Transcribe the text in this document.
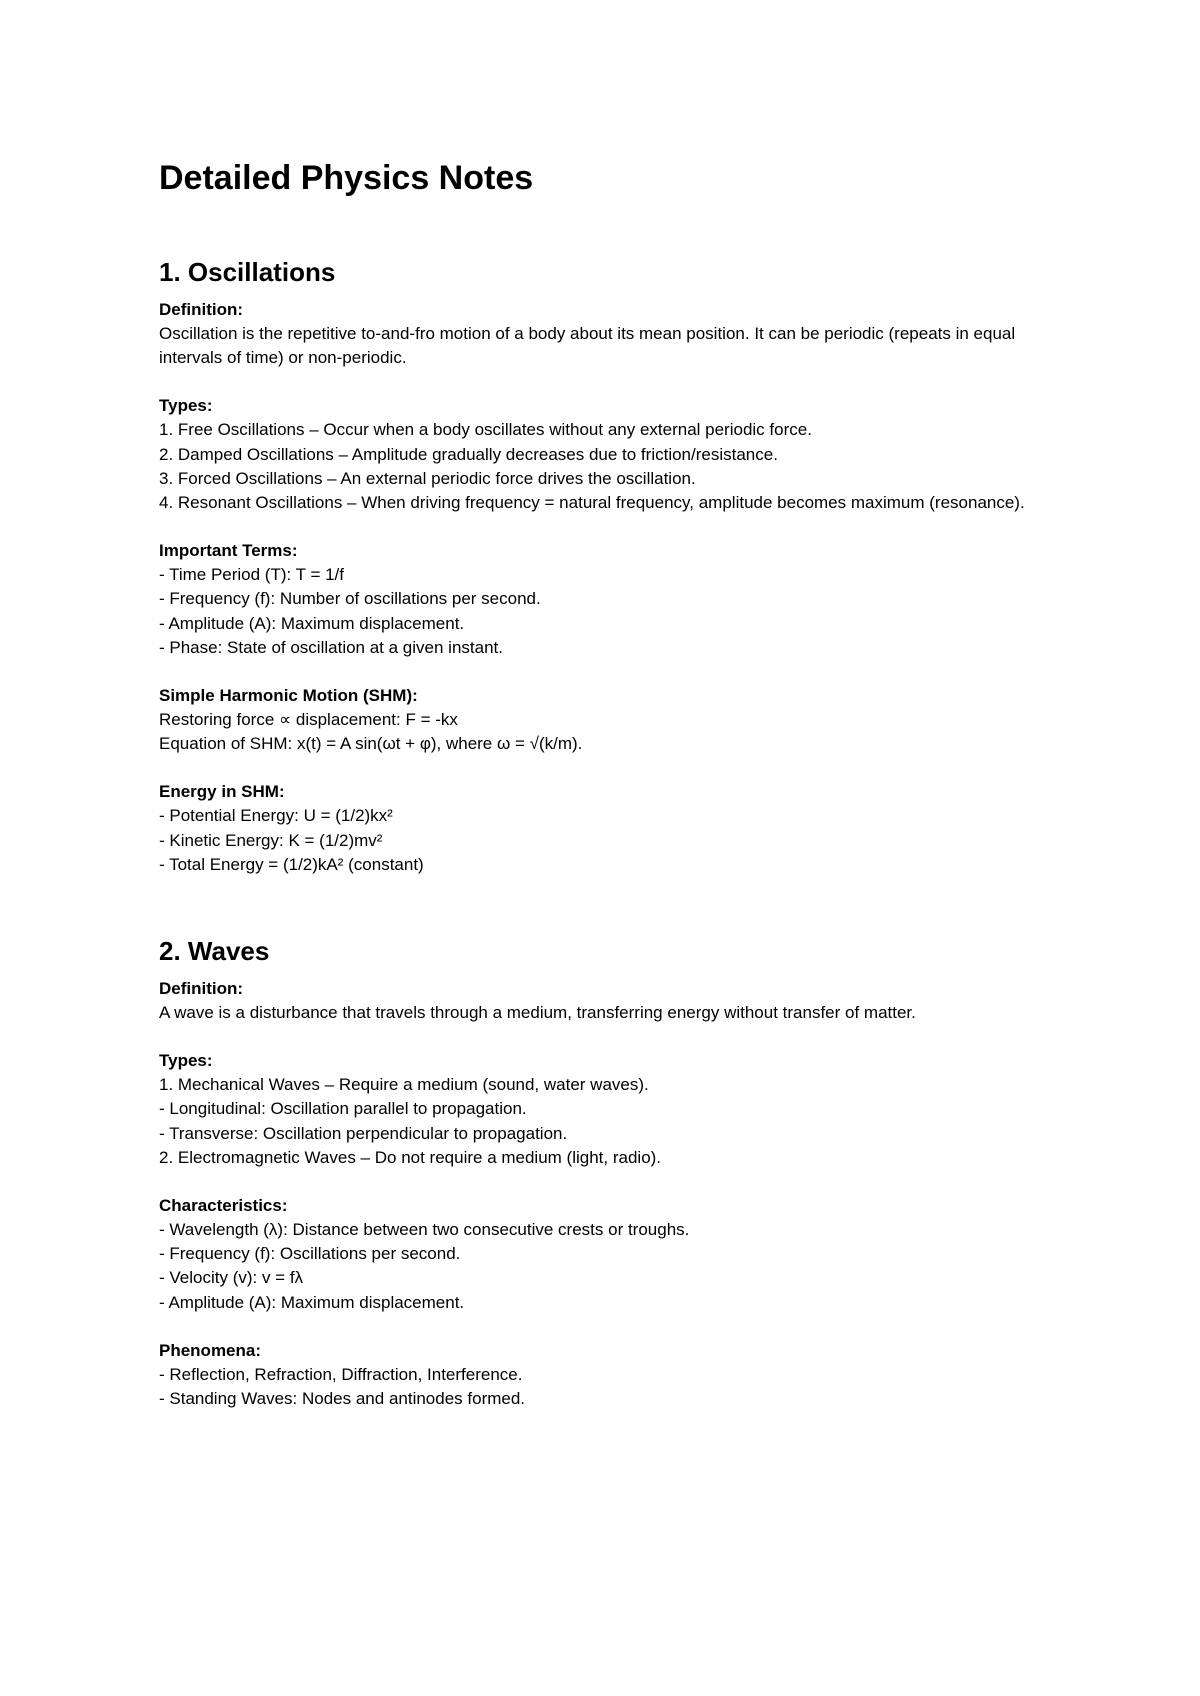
Detailed Physics Notes
1. Oscillations

Definition:

Oscillation is the repetitive to-and-fro motion of a body about its mean position. It can be periodic (repeats in equal intervals of time) or non-periodic.

Types:

1. Free Oscillations – Occur when a body oscillates without any external periodic force.
2. Damped Oscillations – Amplitude gradually decreases due to friction/resistance.
3. Forced Oscillations – An external periodic force drives the oscillation.
4. Resonant Oscillations – When driving frequency = natural frequency, amplitude becomes maximum (resonance).

Important Terms:

- Time Period (T): T = 1/f
- Frequency (f): Number of oscillations per second.
- Amplitude (A): Maximum displacement.
- Phase: State of oscillation at a given instant.

Simple Harmonic Motion (SHM):

Restoring force ∝ displacement: F = -kx
Equation of SHM: x(t) = A sin(ωt + φ), where ω = √(k/m).

Energy in SHM:

- Potential Energy: U = (1/2)kx²
- Kinetic Energy: K = (1/2)mv²
- Total Energy = (1/2)kA² (constant)
2. Waves

Definition:

A wave is a disturbance that travels through a medium, transferring energy without transfer of matter.

Types:

1. Mechanical Waves – Require a medium (sound, water waves).
- Longitudinal: Oscillation parallel to propagation.
- Transverse: Oscillation perpendicular to propagation.
2. Electromagnetic Waves – Do not require a medium (light, radio).

Characteristics:

- Wavelength (λ): Distance between two consecutive crests or troughs.
- Frequency (f): Oscillations per second.
- Velocity (v): v = fλ
- Amplitude (A): Maximum displacement.

Phenomena:

- Reflection, Refraction, Diffraction, Interference.
- Standing Waves: Nodes and antinodes formed.
